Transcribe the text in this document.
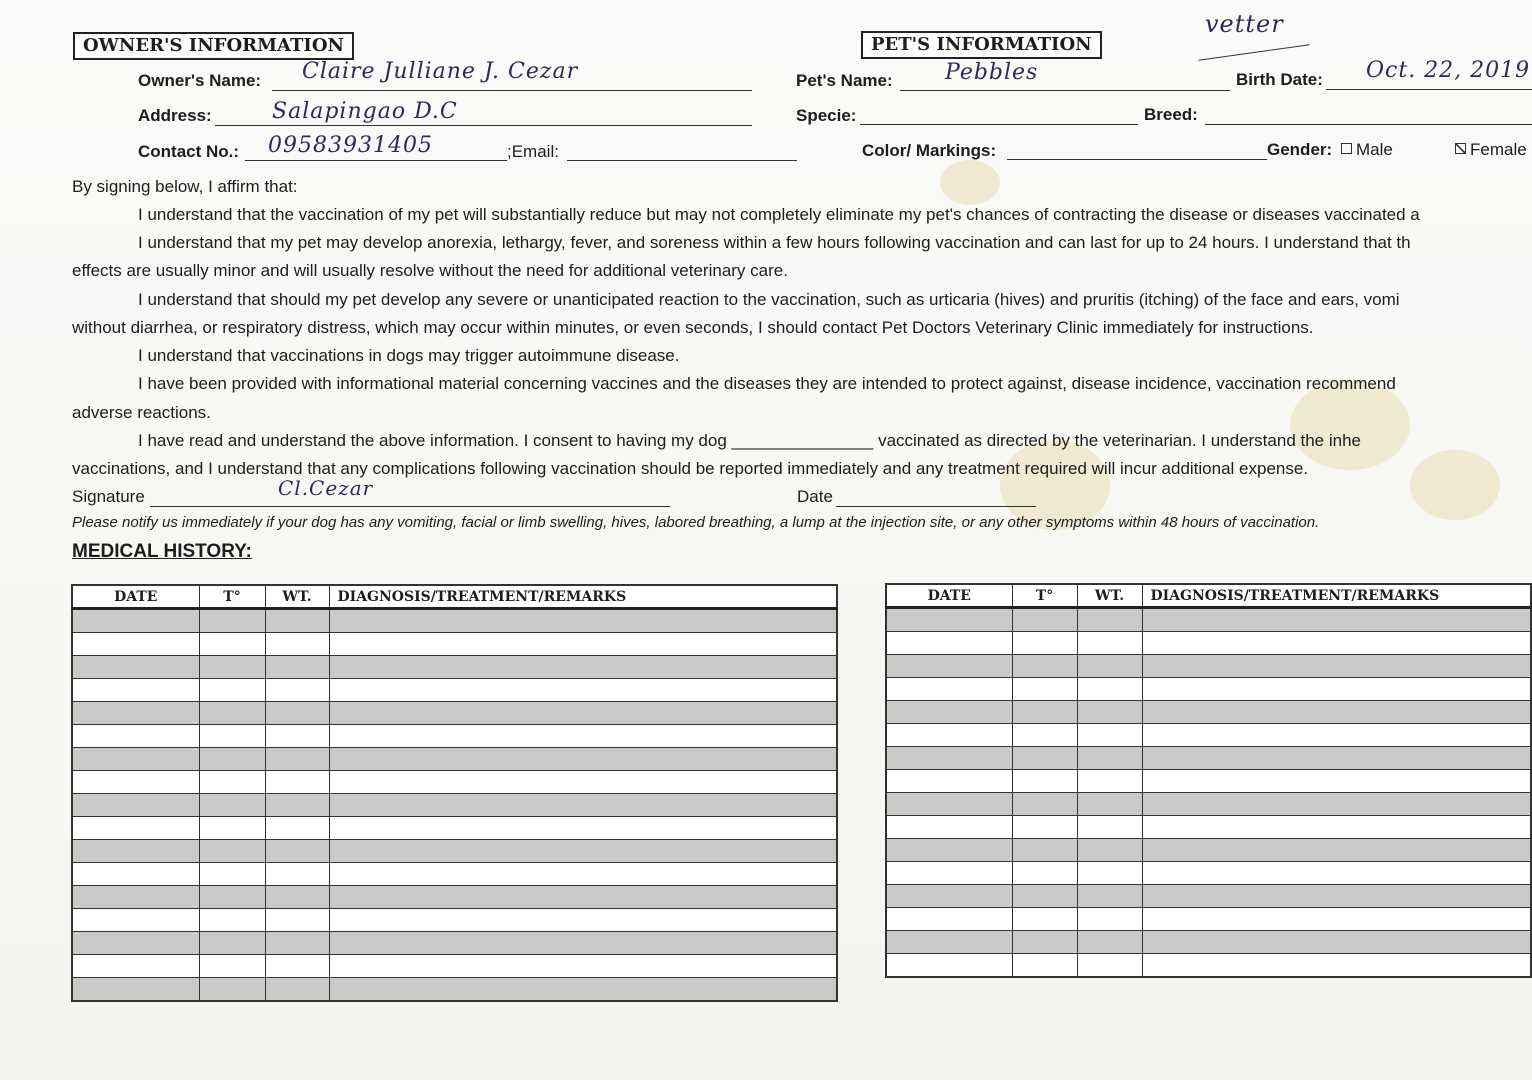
OWNER'S INFORMATION
Owner's Name: Claire Julliane J. Cezar
Address:	Salapingao D.C
Contact No.: 09583931405	;Email:
PET'S INFORMATION
vetter
Pet's Name: Pebbles	Birth Date: Oct. 22, 2019
Specie:	Breed:
Color/ Markings:	Gender:	Male	Female
By signing below, I affirm that:
I understand that the vaccination of my pet will substantially reduce but may not completely eliminate my pet's chances of contracting the disease or diseases vaccinated a
I understand that my pet may develop anorexia, lethargy, fever, and soreness within a few hours following vaccination and can last for up to 24 hours. I understand that th
effects are usually minor and will usually resolve without the need for additional veterinary care.
I understand that should my pet develop any severe or unanticipated reaction to the vaccination, such as urticaria (hives) and pruritis (itching) of the face and ears, vomi
without diarrhea, or respiratory distress, which may occur within minutes, or even seconds, I should contact Pet Doctors Veterinary Clinic immediately for instructions.
I understand that vaccinations in dogs may trigger autoimmune disease.
I have been provided with informational material concerning vaccines and the diseases they are intended to protect against, disease incidence, vaccination recommend
adverse reactions.
I have read and understand the above information. I consent to having my dog _______________ vaccinated as directed by the veterinarian. I understand the inhe
vaccinations, and I understand that any complications following vaccination should be reported immediately and any treatment required will incur additional expense.
Signature	Cl.Cezar	Date
Please notify us immediately if your dog has any vomiting, facial or limb swelling, hives, labored breathing, a lump at the injection site, or any other symptoms within 48 hours of vaccination.
MEDICAL HISTORY:
DATE	T°	WT.	DIAGNOSIS/TREATMENT/REMARKS

				DATE	T°	WT.	DIAGNOSIS/TREATMENT/REMARKS
